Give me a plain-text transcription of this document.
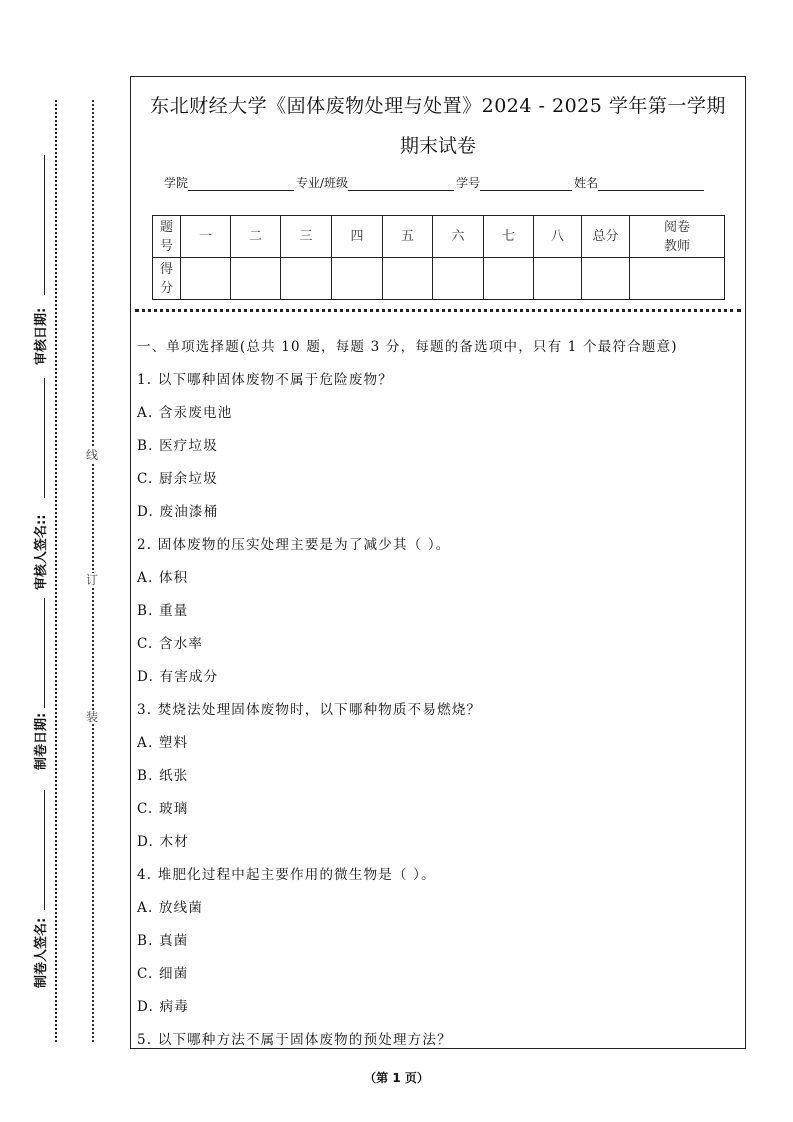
审核日期:
审核人签名::
制卷日期:
制卷人签名:
线
订
装
东北财经大学《固体废物处理与处置》2024 - 2025 学年第一学期
期末试卷
学院	专业/班级	学号	姓名
题号	一	二	三	四	五	六	七	八	总分	阅卷教师
得分										
一、单项选择题(总共 10 题，每题 3 分，每题的备选项中，只有 1 个最符合题意)
1. 以下哪种固体废物不属于危险废物？
A. 含汞废电池
B. 医疗垃圾
C. 厨余垃圾
D. 废油漆桶
2. 固体废物的压实处理主要是为了减少其（ ）。
A. 体积
B. 重量
C. 含水率
D. 有害成分
3. 焚烧法处理固体废物时，以下哪种物质不易燃烧？
A. 塑料
B. 纸张
C. 玻璃
D. 木材
4. 堆肥化过程中起主要作用的微生物是（ ）。
A. 放线菌
B. 真菌
C. 细菌
D. 病毒
5. 以下哪种方法不属于固体废物的预处理方法？
（第 1 页）
